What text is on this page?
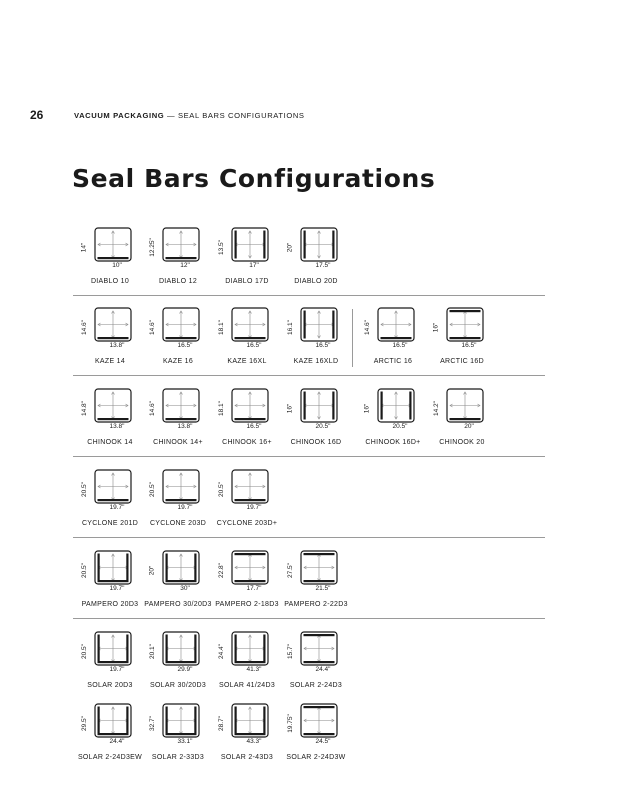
26	VACUUM PACKAGING — SEAL BARS CONFIGURATIONS
Seal Bars Configurations
14"
10"
DIABLO 10
12.25"
12"
DIABLO 12
13.5"
17"
DIABLO 17D
20"
17.5"
DIABLO 20D
14.6"
13.8"
KAZE 14
14.6"
16.5"
KAZE 16
18.1"
16.5"
KAZE 16XL
16.1"
16.5"
KAZE 16XLD
14.6"
16.5"
ARCTIC 16
16"
16.5"
ARCTIC 16D
14.8"
13.8"
CHINOOK 14
14.6"
13.8"
CHINOOK 14+
18.1"
16.5"
CHINOOK 16+
16"
20.5"
CHINOOK 16D
16"
20.5"
CHINOOK 16D+
14.2"
20"
CHINOOK 20
20.5"
19.7"
CYCLONE 201D
20.5"
19.7"
CYCLONE 203D
20.5"
19.7"
CYCLONE 203D+
20.5"
19.7"
PAMPERO 20D3
20"
30"
PAMPERO 30/20D3
22.8"
17.7"
PAMPERO 2-18D3
27.5"
21.5"
PAMPERO 2-22D3
20.5"
19.7"
SOLAR 20D3
20.1"
29.9"
SOLAR 30/20D3
24.4"
41.3"
SOLAR 41/24D3
15.7"
24.4"
SOLAR 2-24D3
29.5"
24.4"
SOLAR 2-24D3EW
32.7"
33.1"
SOLAR 2-33D3
28.7"
43.3"
SOLAR 2-43D3
19.75"
24.5"
SOLAR 2-24D3W
